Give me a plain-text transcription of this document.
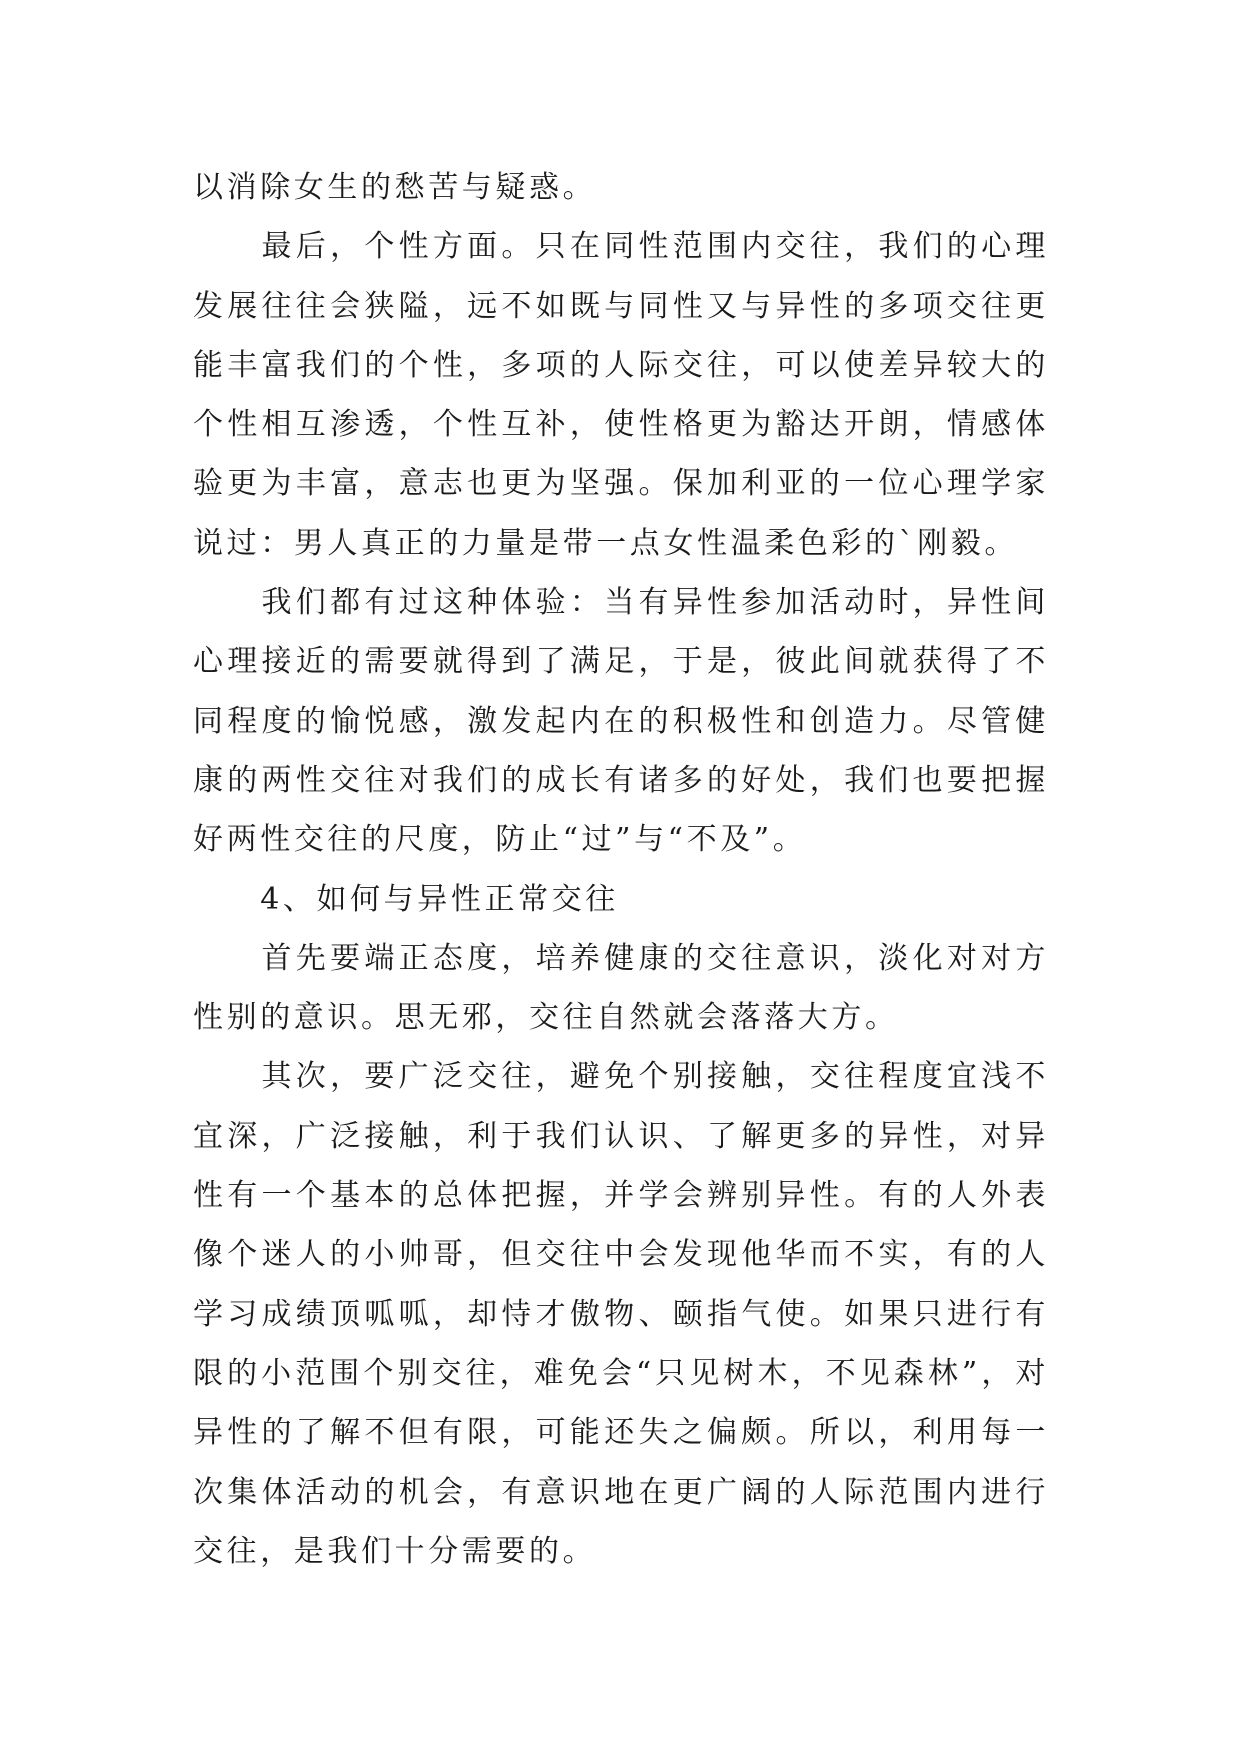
以消除女生的愁苦与疑惑。

　　最后，个性方面。只在同性范围内交往，我们的心理发展往往会狭隘，远不如既与同性又与异性的多项交往更能丰富我们的个性，多项的人际交往，可以使差异较大的个性相互渗透，个性互补，使性格更为豁达开朗，情感体验更为丰富，意志也更为坚强。保加利亚的一位心理学家说过：男人真正的力量是带一点女性温柔色彩的`刚毅。

　　我们都有过这种体验：当有异性参加活动时，异性间心理接近的需要就得到了满足，于是，彼此间就获得了不同程度的愉悦感，激发起内在的积极性和创造力。尽管健康的两性交往对我们的成长有诸多的好处，我们也要把握好两性交往的尺度，防止“过”与“不及”。

　　4、如何与异性正常交往

　　首先要端正态度，培养健康的交往意识，淡化对对方性别的意识。思无邪，交往自然就会落落大方。

　　其次，要广泛交往，避免个别接触，交往程度宜浅不宜深，广泛接触，利于我们认识、了解更多的异性，对异性有一个基本的总体把握，并学会辨别异性。有的人外表像个迷人的小帅哥，但交往中会发现他华而不实，有的人学习成绩顶呱呱，却恃才傲物、颐指气使。如果只进行有限的小范围个别交往，难免会“只见树木，不见森林”，对异性的了解不但有限，可能还失之偏颇。所以，利用每一次集体活动的机会，有意识地在更广阔的人际范围内进行交往，是我们十分需要的。
